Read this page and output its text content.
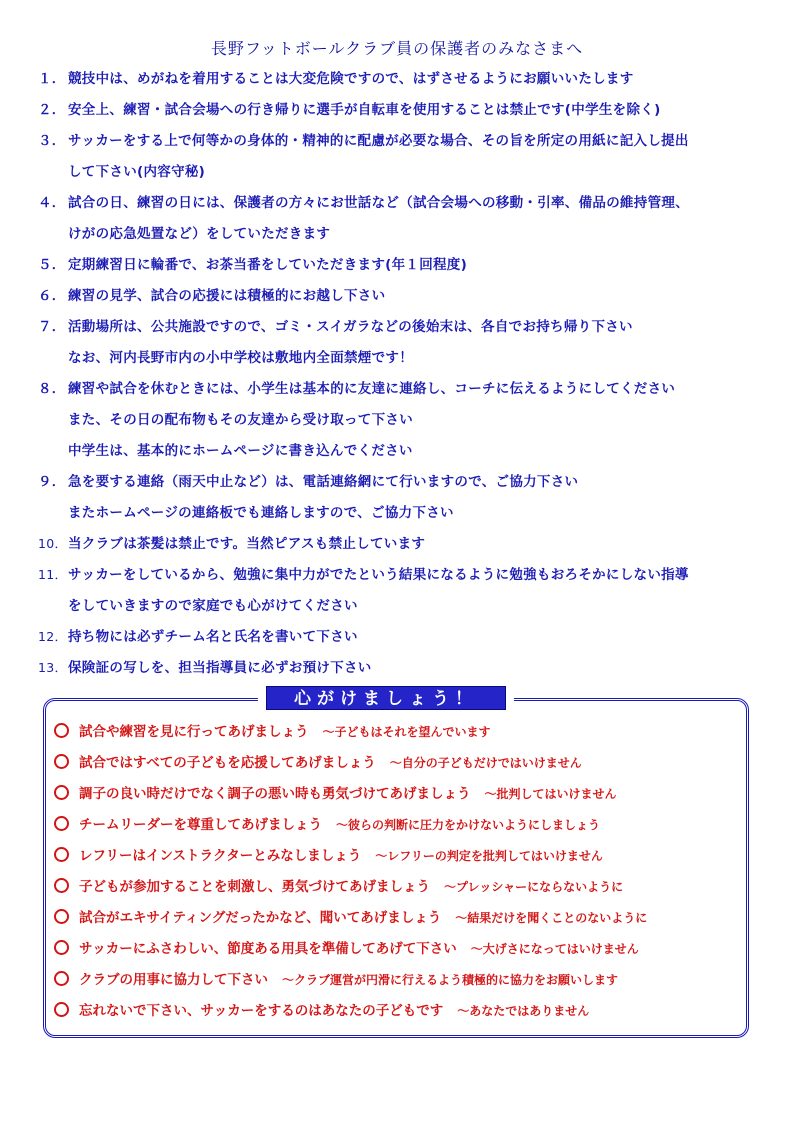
長野フットボールクラブ員の保護者のみなさまへ
１． 競技中は、めがねを着用することは大変危険ですので、はずさせるようにお願いいたします
２． 安全上、練習・試合会場への行き帰りに選手が自転車を使用することは禁止です(中学生を除く)
３． サッカーをする上で何等かの身体的・精神的に配慮が必要な場合、その旨を所定の用紙に記入し提出
して下さい(内容守秘)
４． 試合の日、練習の日には、保護者の方々にお世話など（試合会場への移動・引率、備品の維持管理、
けがの応急処置など）をしていただきます
５． 定期練習日に輪番で、お茶当番をしていただきます(年１回程度)
６． 練習の見学、試合の応援には積極的にお越し下さい
７． 活動場所は、公共施設ですので、ゴミ・スイガラなどの後始末は、各自でお持ち帰り下さい
なお、河内長野市内の小中学校は敷地内全面禁煙です！
８． 練習や試合を休むときには、小学生は基本的に友達に連絡し、コーチに伝えるようにしてください
また、その日の配布物もその友達から受け取って下さい
中学生は、基本的にホームページに書き込んでください
９． 急を要する連絡（雨天中止など）は、電話連絡網にて行いますので、ご協力下さい
またホームページの連絡板でも連絡しますので、ご協力下さい
10．当クラブは茶髪は禁止です。当然ピアスも禁止しています
11．サッカーをしているから、勉強に集中力がでたという結果になるように勉強もおろそかにしない指導
をしていきますので家庭でも心がけてください
12．持ち物には必ずチーム名と氏名を書いて下さい
13．保険証の写しを、担当指導員に必ずお預け下さい
心がけましょう！
試合や練習を見に行ってあげましょう ～子どもはそれを望んでいます
試合ではすべての子どもを応援してあげましょう ～自分の子どもだけではいけません
調子の良い時だけでなく調子の悪い時も勇気づけてあげましょう ～批判してはいけません
チームリーダーを尊重してあげましょう ～彼らの判断に圧力をかけないようにしましょう
レフリーはインストラクターとみなしましょう ～レフリーの判定を批判してはいけません
子どもが参加することを刺激し、勇気づけてあげましょう ～プレッシャーにならないように
試合がエキサイティングだったかなど、聞いてあげましょう ～結果だけを聞くことのないように
サッカーにふさわしい、節度ある用具を準備してあげて下さい ～大げさになってはいけません
クラブの用事に協力して下さい ～クラブ運営が円滑に行えるよう積極的に協力をお願いします
忘れないで下さい、サッカーをするのはあなたの子どもです ～あなたではありません
